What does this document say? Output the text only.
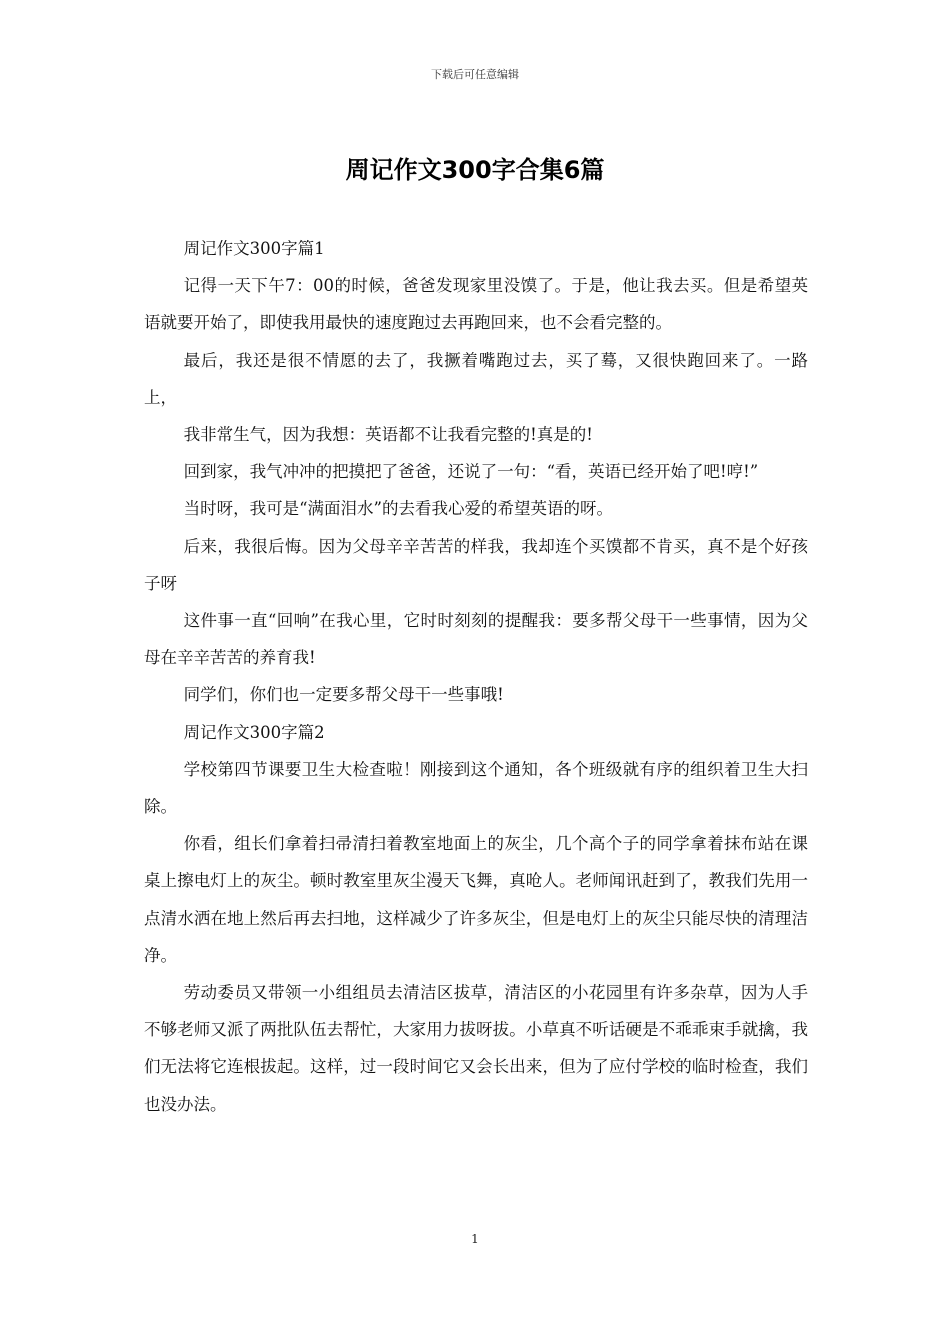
下载后可任意编辑
周记作文300字合集6篇

周记作文300字篇1

记得一天下午7：00的时候，爸爸发现家里没馍了。于是，他让我去买。但是希望英语就要开始了，即使我用最快的速度跑过去再跑回来，也不会看完整的。

最后，我还是很不情愿的去了，我撅着嘴跑过去，买了蓦，又很快跑回来了。一路上，

我非常生气，因为我想：英语都不让我看完整的!真是的!

回到家，我气冲冲的把摸把了爸爸，还说了一句：“看，英语已经开始了吧!哼!”

当时呀，我可是“满面泪水”的去看我心爱的希望英语的呀。

后来，我很后悔。因为父母辛辛苦苦的样我，我却连个买馍都不肯买，真不是个好孩子呀

这件事一直“回响”在我心里，它时时刻刻的提醒我：要多帮父母干一些事情，因为父母在辛辛苦苦的养育我!

同学们，你们也一定要多帮父母干一些事哦!

周记作文300字篇2

学校第四节课要卫生大检查啦！刚接到这个通知，各个班级就有序的组织着卫生大扫除。

你看，组长们拿着扫帚清扫着教室地面上的灰尘，几个高个子的同学拿着抹布站在课桌上擦电灯上的灰尘。顿时教室里灰尘漫天飞舞，真呛人。老师闻讯赶到了，教我们先用一点清水洒在地上然后再去扫地，这样减少了许多灰尘，但是电灯上的灰尘只能尽快的清理洁净。

劳动委员又带领一小组组员去清洁区拔草，清洁区的小花园里有许多杂草，因为人手不够老师又派了两批队伍去帮忙，大家用力拔呀拔。小草真不听话硬是不乖乖束手就擒，我们无法将它连根拔起。这样，过一段时间它又会长出来，但为了应付学校的临时检查，我们也没办法。

1
